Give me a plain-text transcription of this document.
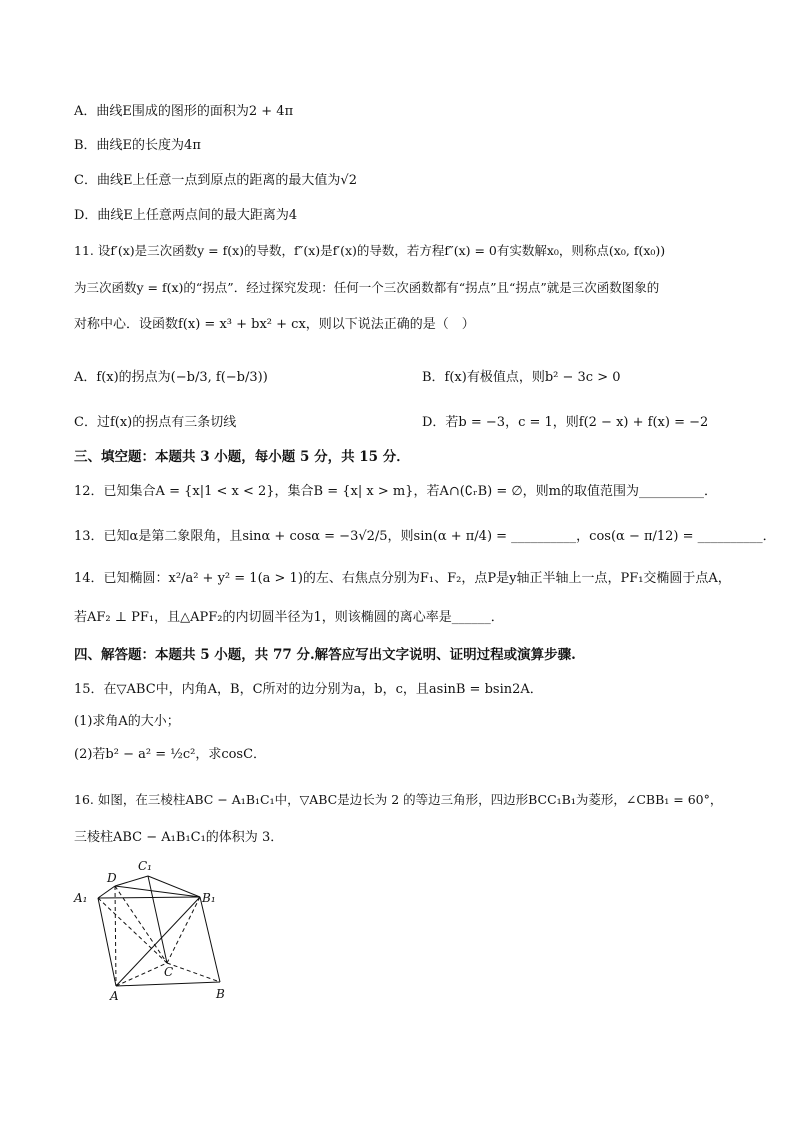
A．曲线E围成的图形的面积为2 + 4π
B．曲线E的长度为4π
C．曲线E上任意一点到原点的距离的最大值为√2
D．曲线E上任意两点间的最大距离为4
11. 设f′(x)是三次函数y = f(x)的导数，f″(x)是f′(x)的导数，若方程f″(x) = 0有实数解x₀，则称点(x₀, f(x₀))
为三次函数y = f(x)的“拐点”．经过探究发现：任何一个三次函数都有“拐点”且“拐点”就是三次函数图象的
对称中心．设函数f(x) = x³ + bx² + cx，则以下说法正确的是（　）
A．f(x)的拐点为(−b/3, f(−b/3))	B．f(x)有极值点，则b² − 3c > 0
C．过f(x)的拐点有三条切线	D．若b = −3，c = 1，则f(2 − x) + f(x) = −2
三、填空题：本题共 3 小题，每小题 5 分，共 15 分．
12．已知集合A = {x|1 < x < 2}，集合B = {x| x > m}，若A∩(∁ᵣB) = ∅，则m的取值范围为__________．
13．已知α是第二象限角，且sinα + cosα = −3√2/5，则sin(α + π/4) = __________，cos(α − π/12) = __________．
14．已知椭圆：x²/a² + y² = 1(a > 1)的左、右焦点分别为F₁、F₂，点P是y轴正半轴上一点，PF₁交椭圆于点A，
若AF₂ ⊥ PF₁，且△APF₂的内切圆半径为1，则该椭圆的离心率是______．
四、解答题：本题共 5 小题，共 77 分.解答应写出文字说明、证明过程或演算步骤.
15．在▽ABC中，内角A，B，C所对的边分别为a，b，c，且asinB = bsin2A．
(1)求角A的大小；
(2)若b² − a² = ½c²，求cosC．
16. 如图，在三棱柱ABC − A₁B₁C₁中，▽ABC是边长为 2 的等边三角形，四边形BCC₁B₁为菱形，∠CBB₁ = 60°，
三棱柱ABC − A₁B₁C₁的体积为 3．
C₁
D
A₁	B₁
C
A	B
